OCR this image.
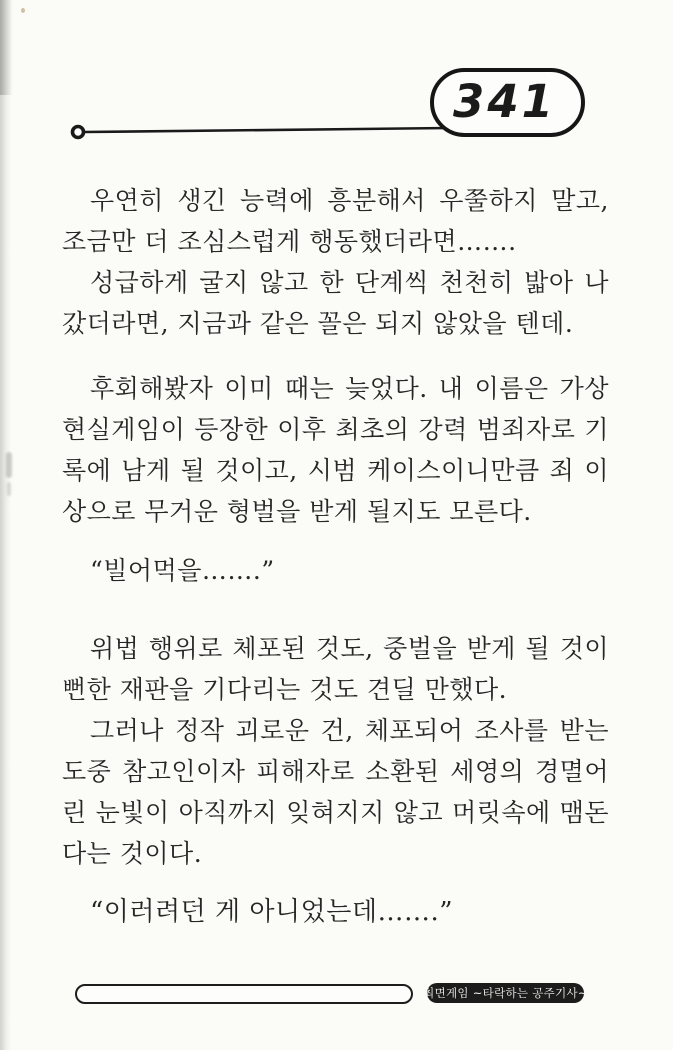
341

우연히 생긴 능력에 흥분해서 우쭐하지 말고, 조금만 더 조심스럽게 행동했더라면…….

성급하게 굴지 않고 한 단계씩 천천히 밟아 나갔더라면, 지금과 같은 꼴은 되지 않았을 텐데.

후회해봤자 이미 때는 늦었다. 내 이름은 가상현실게임이 등장한 이후 최초의 강력 범죄자로 기록에 남게 될 것이고, 시범 케이스이니만큼 죄 이상으로 무거운 형벌을 받게 될지도 모른다.

“빌어먹을…….”

위법 행위로 체포된 것도, 중벌을 받게 될 것이 뻔한 재판을 기다리는 것도 견딜 만했다.

그러나 정작 괴로운 건, 체포되어 조사를 받는 도중 참고인이자 피해자로 소환된 세영의 경멸어린 눈빛이 아직까지 잊혀지지 않고 머릿속에 맴돈다는 것이다.

“이러려던 게 아니었는데…….”

최면게임 ~타락하는 공주기사~
